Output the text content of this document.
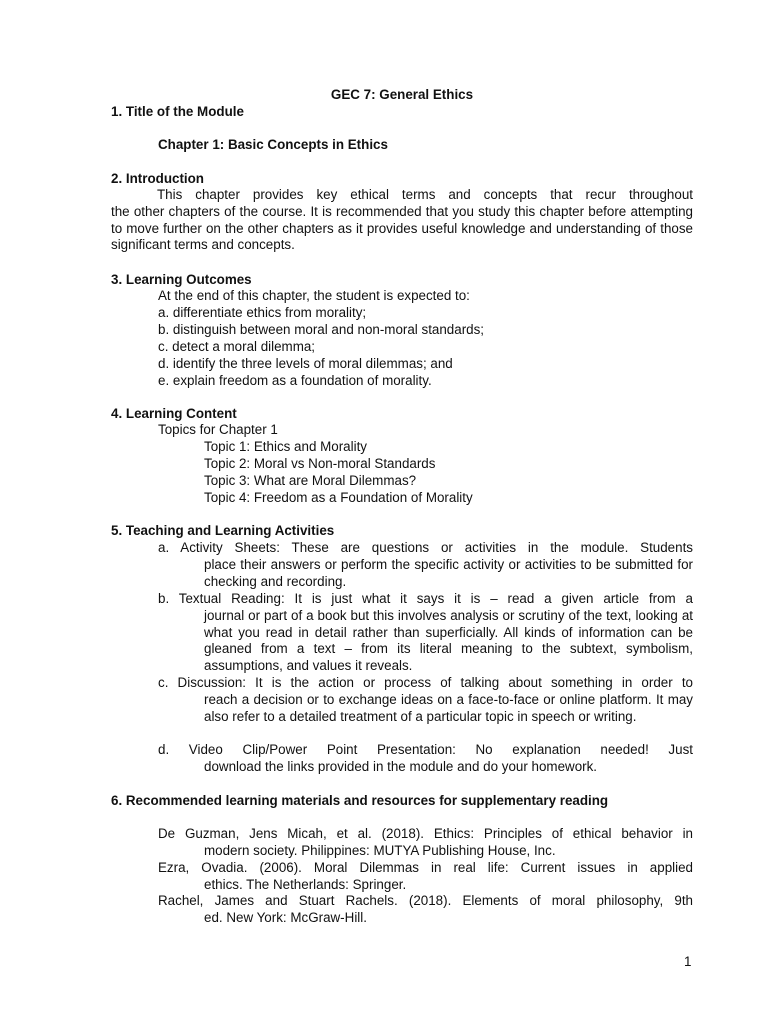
GEC 7: General Ethics
1. Title of the Module
Chapter 1: Basic Concepts in Ethics
2. Introduction
This chapter provides key ethical terms and concepts that recur throughout
the other chapters of the course. It is recommended that you study this chapter before attempting to move further on the other chapters as it provides useful knowledge and understanding of those significant terms and concepts.
3. Learning Outcomes
At the end of this chapter, the student is expected to:
a. differentiate ethics from morality;
b. distinguish between moral and non-moral standards;
c. detect a moral dilemma;
d. identify the three levels of moral dilemmas; and
e. explain freedom as a foundation of morality.
4. Learning Content
Topics for Chapter 1
Topic 1: Ethics and Morality
Topic 2: Moral vs Non-moral Standards
Topic 3: What are Moral Dilemmas?
Topic 4: Freedom as a Foundation of Morality
5. Teaching and Learning Activities
a. Activity Sheets: These are questions or activities in the module. Students
place their answers or perform the specific activity or activities to be submitted for checking and recording.
b. Textual Reading: It is just what it says it is – read a given article from a
journal or part of a book but this involves analysis or scrutiny of the text, looking at what you read in detail rather than superficially. All kinds of information can be gleaned from a text – from its literal meaning to the subtext, symbolism, assumptions, and values it reveals.
c. Discussion: It is the action or process of talking about something in order to
reach a decision or to exchange ideas on a face-to-face or online platform. It may also refer to a detailed treatment of a particular topic in speech or writing.
d. Video Clip/Power Point Presentation: No explanation needed! Just
download the links provided in the module and do your homework.
6. Recommended learning materials and resources for supplementary reading
De Guzman, Jens Micah, et al. (2018). Ethics: Principles of ethical behavior in
modern society. Philippines: MUTYA Publishing House, Inc.
Ezra, Ovadia. (2006). Moral Dilemmas in real life: Current issues in applied
ethics. The Netherlands: Springer.
Rachel, James and Stuart Rachels. (2018). Elements of moral philosophy, 9th
ed. New York: McGraw-Hill.
1
